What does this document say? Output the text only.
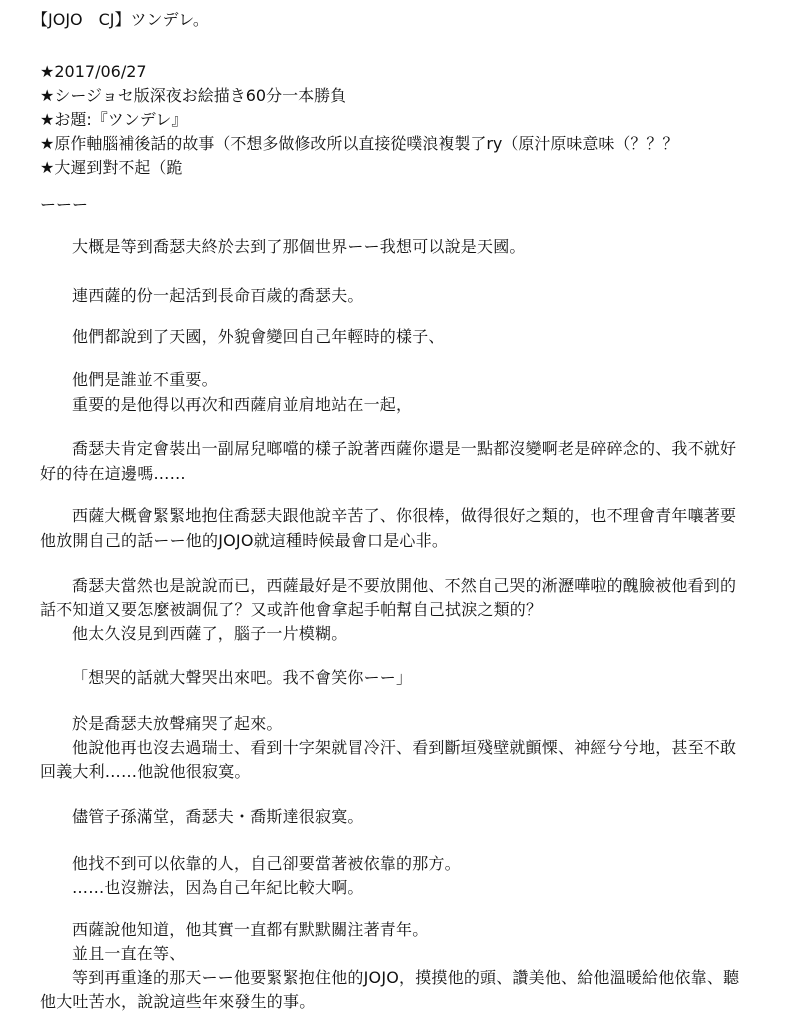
【JOJO　CJ】ツンデレ。
★2017/06/27
★シージョセ版深夜お絵描き60分一本勝負
★お題:『ツンデレ』
★原作軸腦補後話的故事（不想多做修改所以直接從噗浪複製了ry（原汁原味意味（？？？
★大遲到對不起（跪
ーーー
大概是等到喬瑟夫終於去到了那個世界ーー我想可以說是天國。
連西薩的份一起活到長命百歲的喬瑟夫。
他們都說到了天國，外貌會變回自己年輕時的樣子、
他們是誰並不重要。
重要的是他得以再次和西薩肩並肩地站在一起，
喬瑟夫肯定會裝出一副屌兒啷噹的樣子說著西薩你還是一點都沒變啊老是碎碎念的、我不就好
好的待在這邊嗎……
西薩大概會緊緊地抱住喬瑟夫跟他說辛苦了、你很棒，做得很好之類的，也不理會青年嚷著要
他放開自己的話ーー他的JOJO就這種時候最會口是心非。
喬瑟夫當然也是說說而已，西薩最好是不要放開他、不然自己哭的淅瀝嘩啦的醜臉被他看到的
話不知道又要怎麼被調侃了？又或許他會拿起手帕幫自己拭淚之類的？
他太久沒見到西薩了，腦子一片模糊。
「想哭的話就大聲哭出來吧。我不會笑你ーー」
於是喬瑟夫放聲痛哭了起來。
他說他再也沒去過瑞士、看到十字架就冒冷汗、看到斷垣殘壁就顫慄、神經兮兮地，甚至不敢
回義大利……他說他很寂寞。
儘管子孫滿堂，喬瑟夫・喬斯達很寂寞。
他找不到可以依靠的人，自己卻要當著被依靠的那方。
……也沒辦法，因為自己年紀比較大啊。
西薩說他知道，他其實一直都有默默關注著青年。
並且一直在等、
等到再重逢的那天ーー他要緊緊抱住他的JOJO，摸摸他的頭、讚美他、給他溫暖給他依靠、聽
他大吐苦水，說說這些年來發生的事。
